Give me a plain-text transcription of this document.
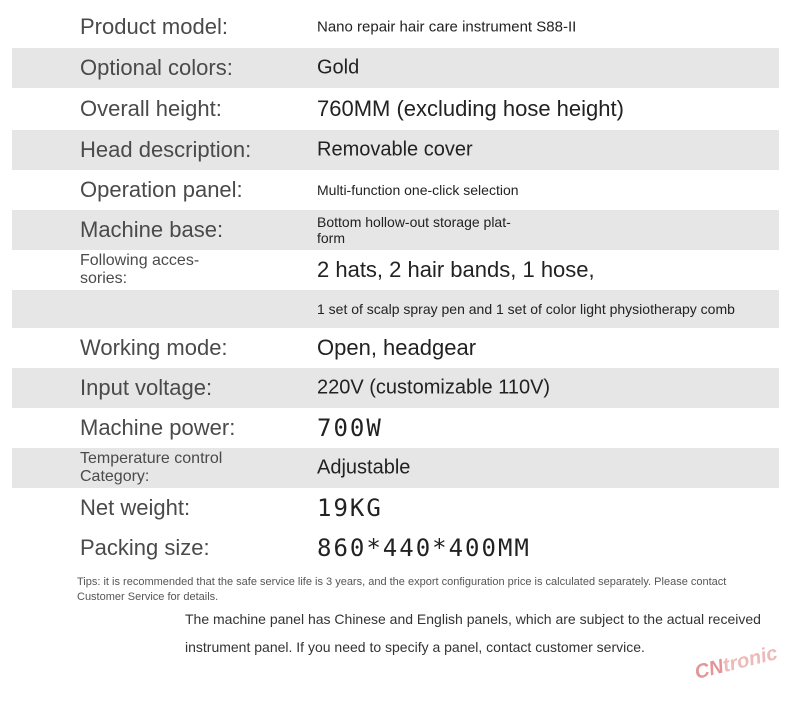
Product model:	Nano repair hair care instrument S88-II
Optional colors:	Gold
Overall height:	760MM (excluding hose height)
Head description:	Removable cover
Operation panel:	Multi-function one-click selection
Machine base:	Bottom hollow-out storage plat-form
Following acces-sories:	2 hats, 2 hair bands, 1 hose,
1 set of scalp spray pen and 1 set of color light physiotherapy comb
Working mode:	Open, headgear
Input voltage:	220V (customizable 110V)
Machine power:	700W
Temperature control Category:	Adjustable
Net weight:	19KG
Packing size:	860*440*400MM
Tips: it is recommended that the safe service life is 3 years, and the export configuration price is calculated separately. Please contact Customer Service for details.
The machine panel has Chinese and English panels, which are subject to the actual received instrument panel. If you need to specify a panel, contact customer service.
CNtronic
